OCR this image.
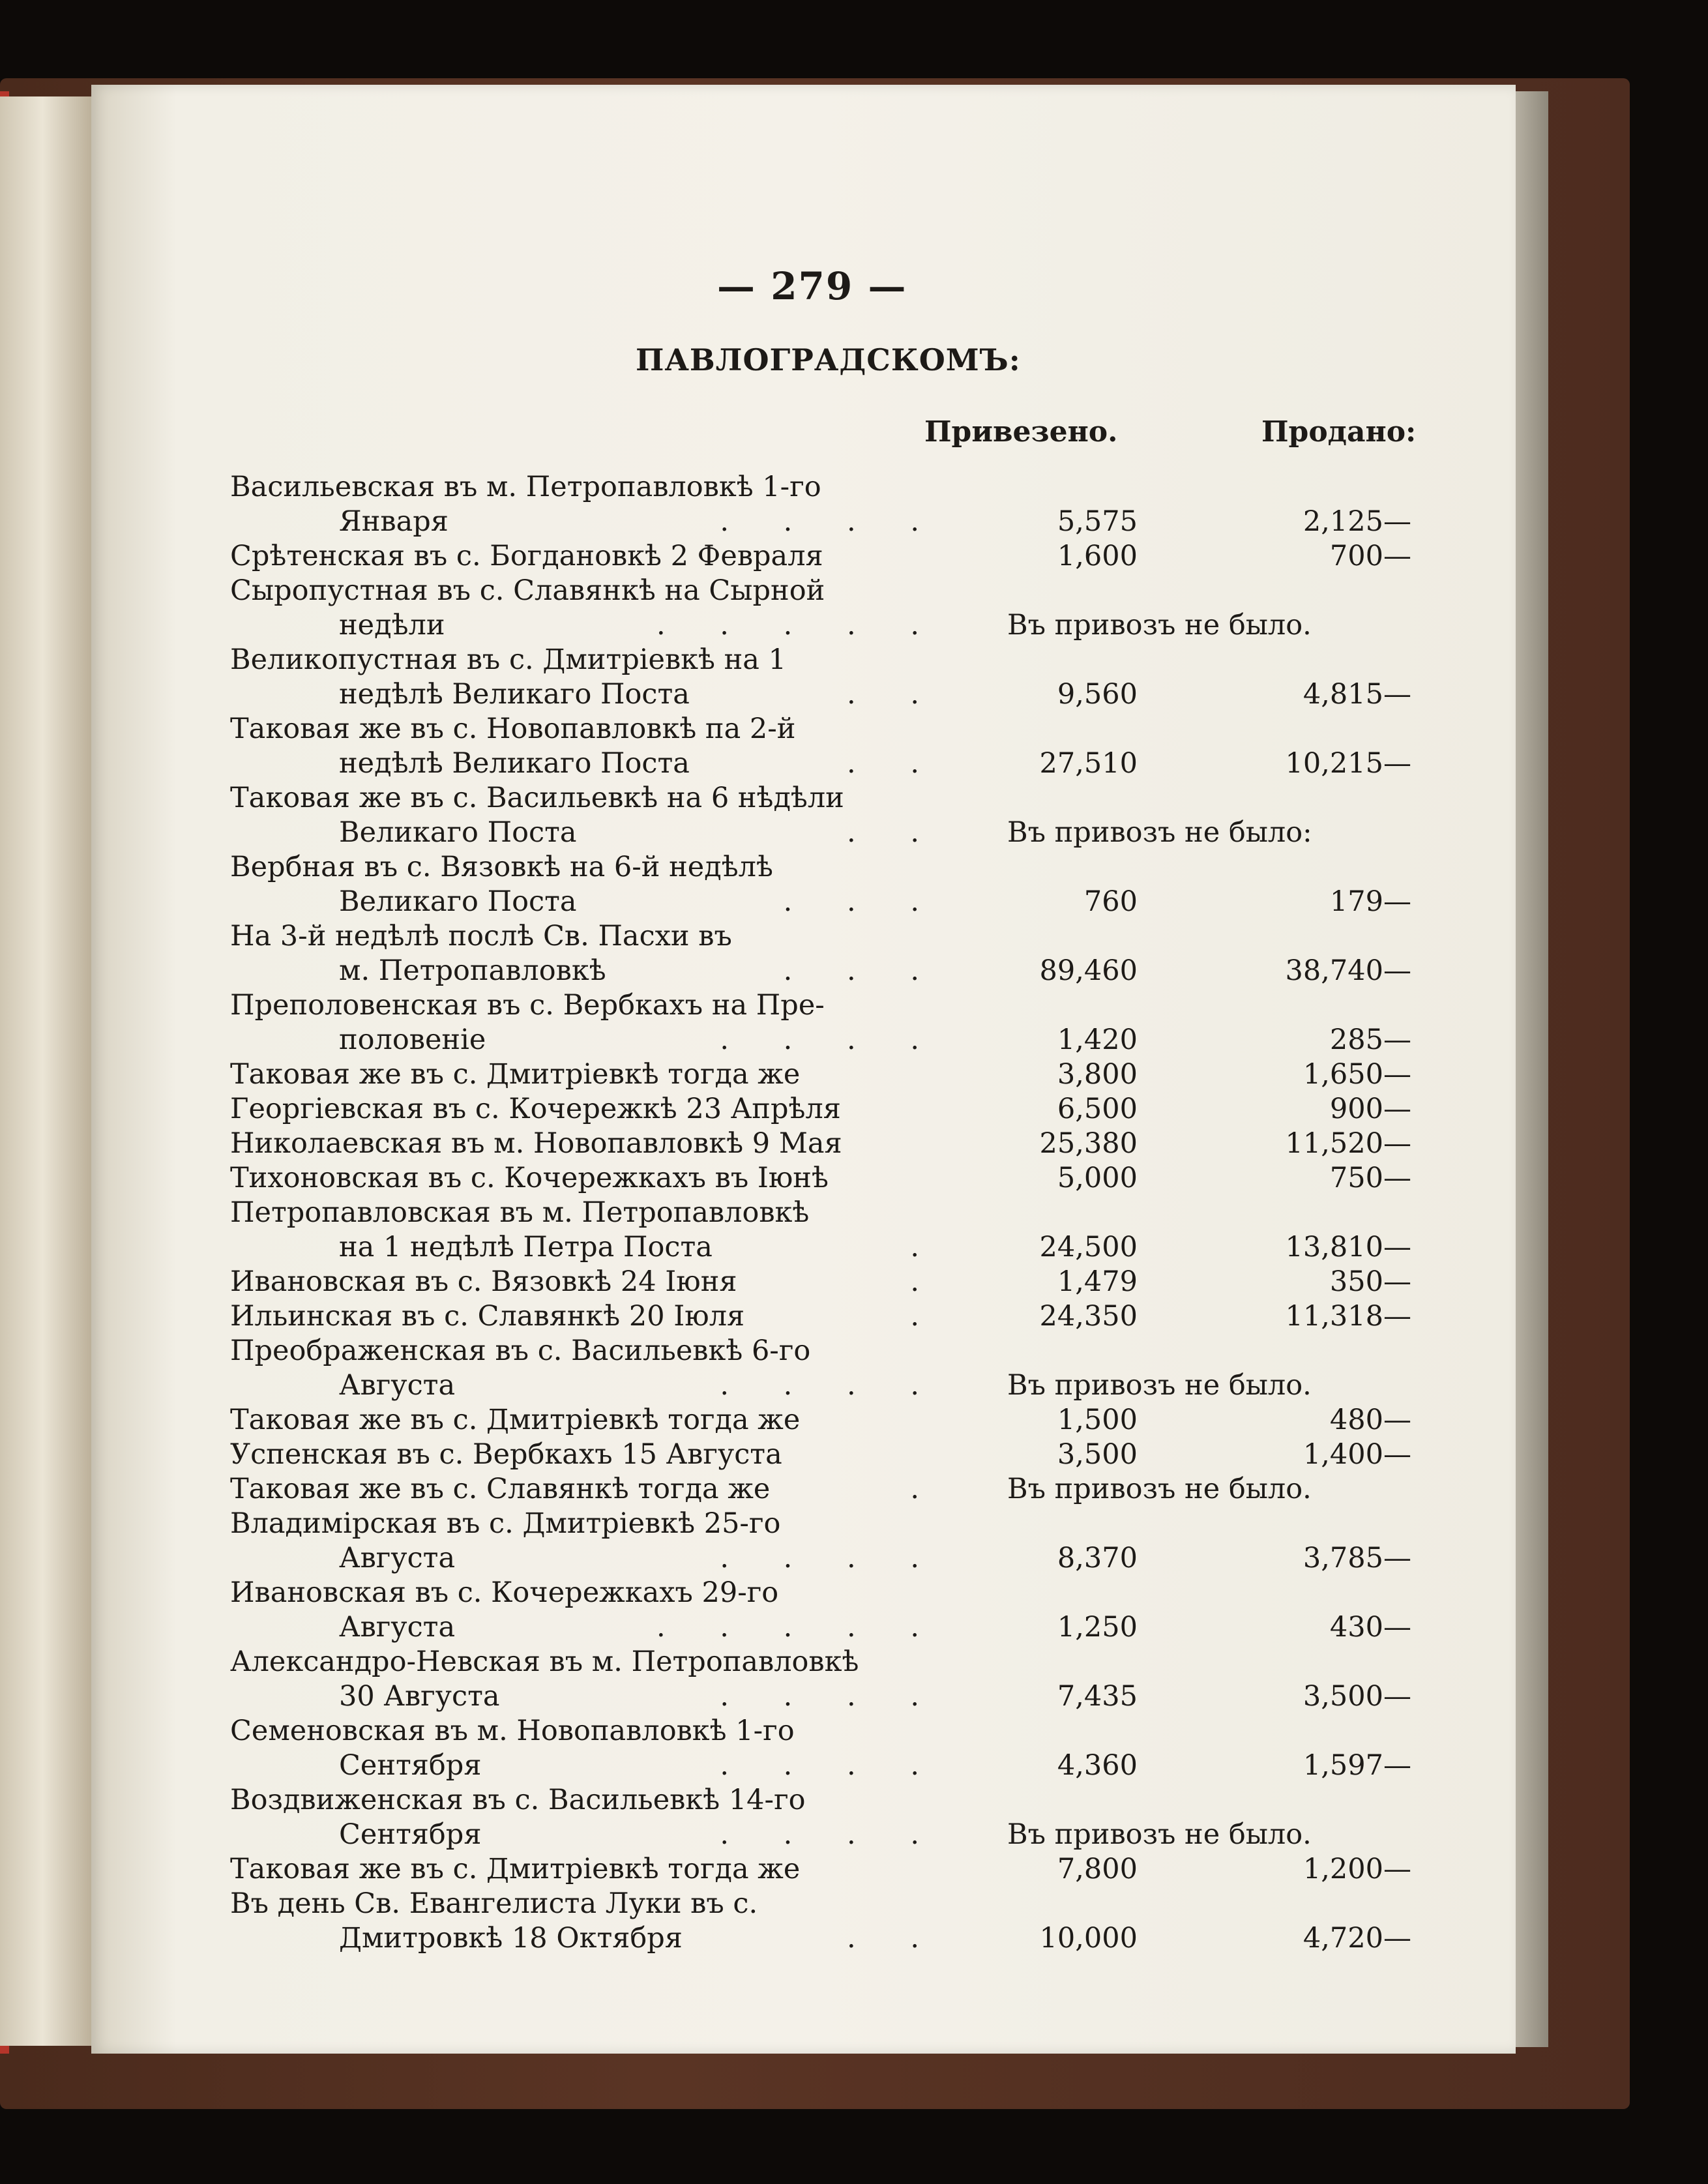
— 279 —
ПАВЛОГРАДСКОМЪ:
Привезено.	Продано:
Васильевская въ м. Петропавловкѣ 1-го
Января	. . . .	5,575	2,125—
Срѣтенская въ с. Богдановкѣ 2 Февраля	1,600	700—
Сыропустная въ с. Славянкѣ на Сырной
недѣли	. . . . .	Въ привозъ не было.
Великопустная въ с. Дмитріевкѣ на 1
недѣлѣ Великаго Поста	. .	9,560	4,815—
Таковая же въ с. Новопавловкѣ па 2-й
недѣлѣ Великаго Поста	. .	27,510	10,215—
Таковая же въ с. Васильевкѣ на 6 нѣдѣли
Великаго Поста	. .	Въ привозъ не было:
Вербная въ с. Вязовкѣ на 6-й недѣлѣ
Великаго Поста	. . .	760	179—
На 3-й недѣлѣ послѣ Св. Пасхи въ
м. Петропавловкѣ	. . .	89,460	38,740—
Преполовенская въ с. Вербкахъ на Пре-
половеніе	. . . .	1,420	285—
Таковая же въ с. Дмитріевкѣ тогда же	3,800	1,650—
Георгіевская въ с. Кочережкѣ 23 Апрѣля	6,500	900—
Николаевская въ м. Новопавловкѣ 9 Мая	25,380	11,520—
Тихоновская въ с. Кочережкахъ въ Іюнѣ	5,000	750—
Петропавловская въ м. Петропавловкѣ
на 1 недѣлѣ Петра Поста	.	24,500	13,810—
Ивановская въ с. Вязовкѣ 24 Іюня	.	1,479	350—
Ильинская въ с. Славянкѣ 20 Іюля	.	24,350	11,318—
Преображенская въ с. Васильевкѣ 6-го
Августа	. . . .	Въ привозъ не было.
Таковая же въ с. Дмитріевкѣ тогда же	1,500	480—
Успенская въ с. Вербкахъ 15 Августа	3,500	1,400—
Таковая же въ с. Славянкѣ тогда же	.	Въ привозъ не было.
Владимірская въ с. Дмитріевкѣ 25-го
Августа	. . . .	8,370	3,785—
Ивановская въ с. Кочережкахъ 29-го
Августа	. . . . .	1,250	430—
Александро-Невская въ м. Петропавловкѣ
30 Августа	. . . .	7,435	3,500—
Семеновская въ м. Новопавловкѣ 1-го
Сентября	. . . .	4,360	1,597—
Воздвиженская въ с. Васильевкѣ 14-го
Сентября	. . . .	Въ привозъ не было.
Таковая же въ с. Дмитріевкѣ тогда же	7,800	1,200—
Въ день Св. Евангелиста Луки въ с.
Дмитровкѣ 18 Октября	. .	10,000	4,720—
